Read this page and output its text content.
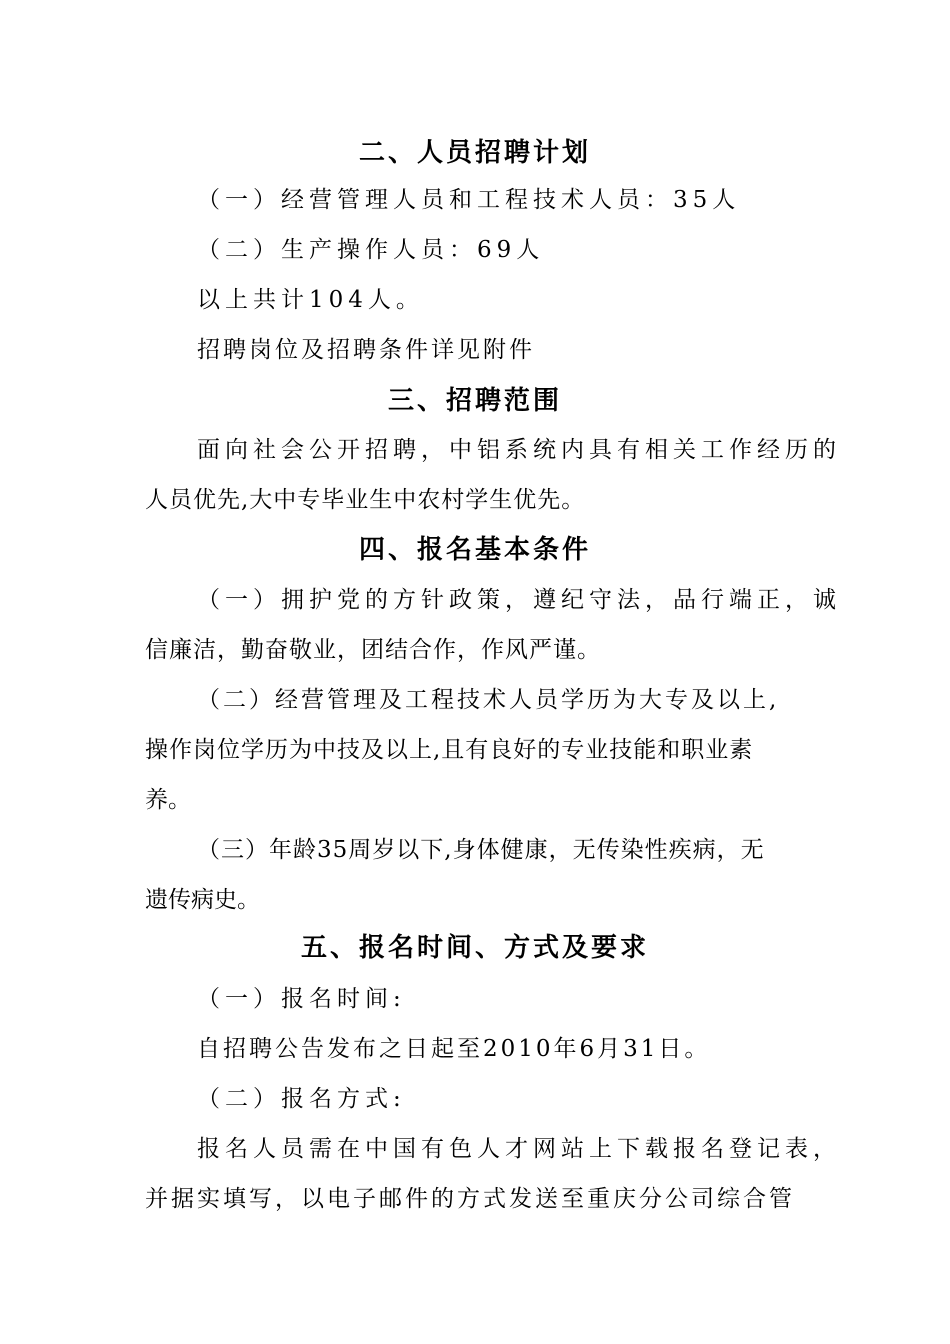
二、人员招聘计划
（一）经营管理人员和工程技术人员：35人
（二）生产操作人员：69人
以上共计104人。
招聘岗位及招聘条件详见附件
三、招聘范围
面向社会公开招聘，中铝系统内具有相关工作经历的
人员优先,大中专毕业生中农村学生优先。
四、报名基本条件
（一）拥护党的方针政策，遵纪守法，品行端正，诚
信廉洁，勤奋敬业，团结合作，作风严谨。
（二）经营管理及工程技术人员学历为大专及以上,
操作岗位学历为中技及以上,且有良好的专业技能和职业素
养。
（三）年龄35周岁以下,身体健康，无传染性疾病，无
遗传病史。
五、报名时间、方式及要求
（一）报名时间:
自招聘公告发布之日起至2010年6月31日。
（二）报名方式:
报名人员需在中国有色人才网站上下载报名登记表，
并据实填写，以电子邮件的方式发送至重庆分公司综合管
